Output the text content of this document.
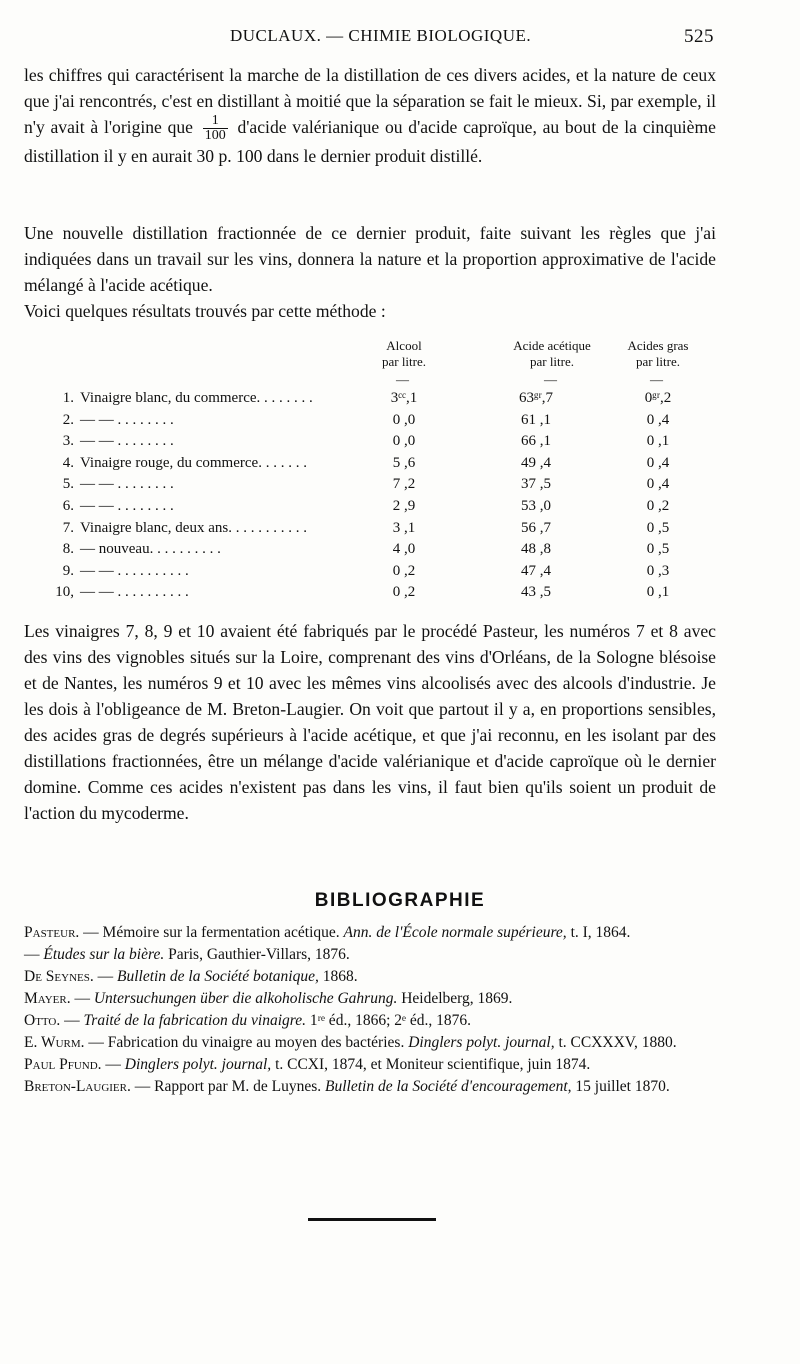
DUCLAUX. — CHIMIE BIOLOGIQUE.	525
les chiffres qui caractérisent la marche de la distillation de ces divers acides, et la nature de ceux que j'ai rencontrés, c'est en distillant à moitié que la séparation se fait le mieux. Si, par exemple, il n'y avait à l'origine que $\frac{1}{100}$ d'acide valérianique ou d'acide caproïque, au bout de la cinquième distillation il y en aurait 30 p. 100 dans le dernier produit distillé.
Une nouvelle distillation fractionnée de ce dernier produit, faite suivant les règles que j'ai indiquées dans un travail sur les vins, donnera la nature et la proportion approximative de l'acide mélangé à l'acide acétique.
Voici quelques résultats trouvés par cette méthode :
Alcool
par litre.
Acide acétique
par litre.
Acides gras
par litre.
—	—	—
1. Vinaigre blanc, du commerce. . . . . . . .	3ᶜᶜ,1	63ᵍʳ,7	0ᵍʳ,2
2. — — . . . . . . . .	0 ,0	61 ,1	0 ,4
3. — — . . . . . . . .	0 ,0	66 ,1	0 ,1
4. Vinaigre rouge, du commerce. . . . . . .	5 ,6	49 ,4	0 ,4
5. — — . . . . . . . .	7 ,2	37 ,5	0 ,4
6. — — . . . . . . . .	2 ,9	53 ,0	0 ,2
7. Vinaigre blanc, deux ans. . . . . . . . . . .	3 ,1	56 ,7	0 ,5
8. — nouveau. . . . . . . . . .	4 ,0	48 ,8	0 ,5
9. — — . . . . . . . . . .	0 ,2	47 ,4	0 ,3
10, — — . . . . . . . . . .	0 ,2	43 ,5	0 ,1
Les vinaigres 7, 8, 9 et 10 avaient été fabriqués par le procédé Pasteur, les numéros 7 et 8 avec des vins des vignobles situés sur la Loire, comprenant des vins d'Orléans, de la Sologne blésoise et de Nantes, les numéros 9 et 10 avec les mêmes vins alcoolisés avec des alcools d'industrie. Je les dois à l'obligeance de M. Breton-Laugier. On voit que partout il y a, en proportions sensibles, des acides gras de degrés supérieurs à l'acide acétique, et que j'ai reconnu, en les isolant par des distillations fractionnées, être un mélange d'acide valérianique et d'acide caproïque où le dernier domine. Comme ces acides n'existent pas dans les vins, il faut bien qu'ils soient un produit de l'action du mycoderme.
BIBLIOGRAPHIE

Pasteur. — Mémoire sur la fermentation acétique. Ann. de l'École normale supérieure, t. I, 1864.

— Études sur la bière. Paris, Gauthier-Villars, 1876.

De Seynes. — Bulletin de la Société botanique, 1868.

Mayer. — Untersuchungen über die alkoholische Gahrung. Heidelberg, 1869.

Otto. — Traité de la fabrication du vinaigre. 1ʳᵉ éd., 1866; 2ᵉ éd., 1876.

E. Wurm. — Fabrication du vinaigre au moyen des bactéries. Dinglers polyt. journal, t. CCXXXV, 1880.

Paul Pfund. — Dinglers polyt. journal, t. CCXI, 1874, et Moniteur scientifique, juin 1874.

Breton-Laugier. — Rapport par M. de Luynes. Bulletin de la Société d'encouragement, 15 juillet 1870.
